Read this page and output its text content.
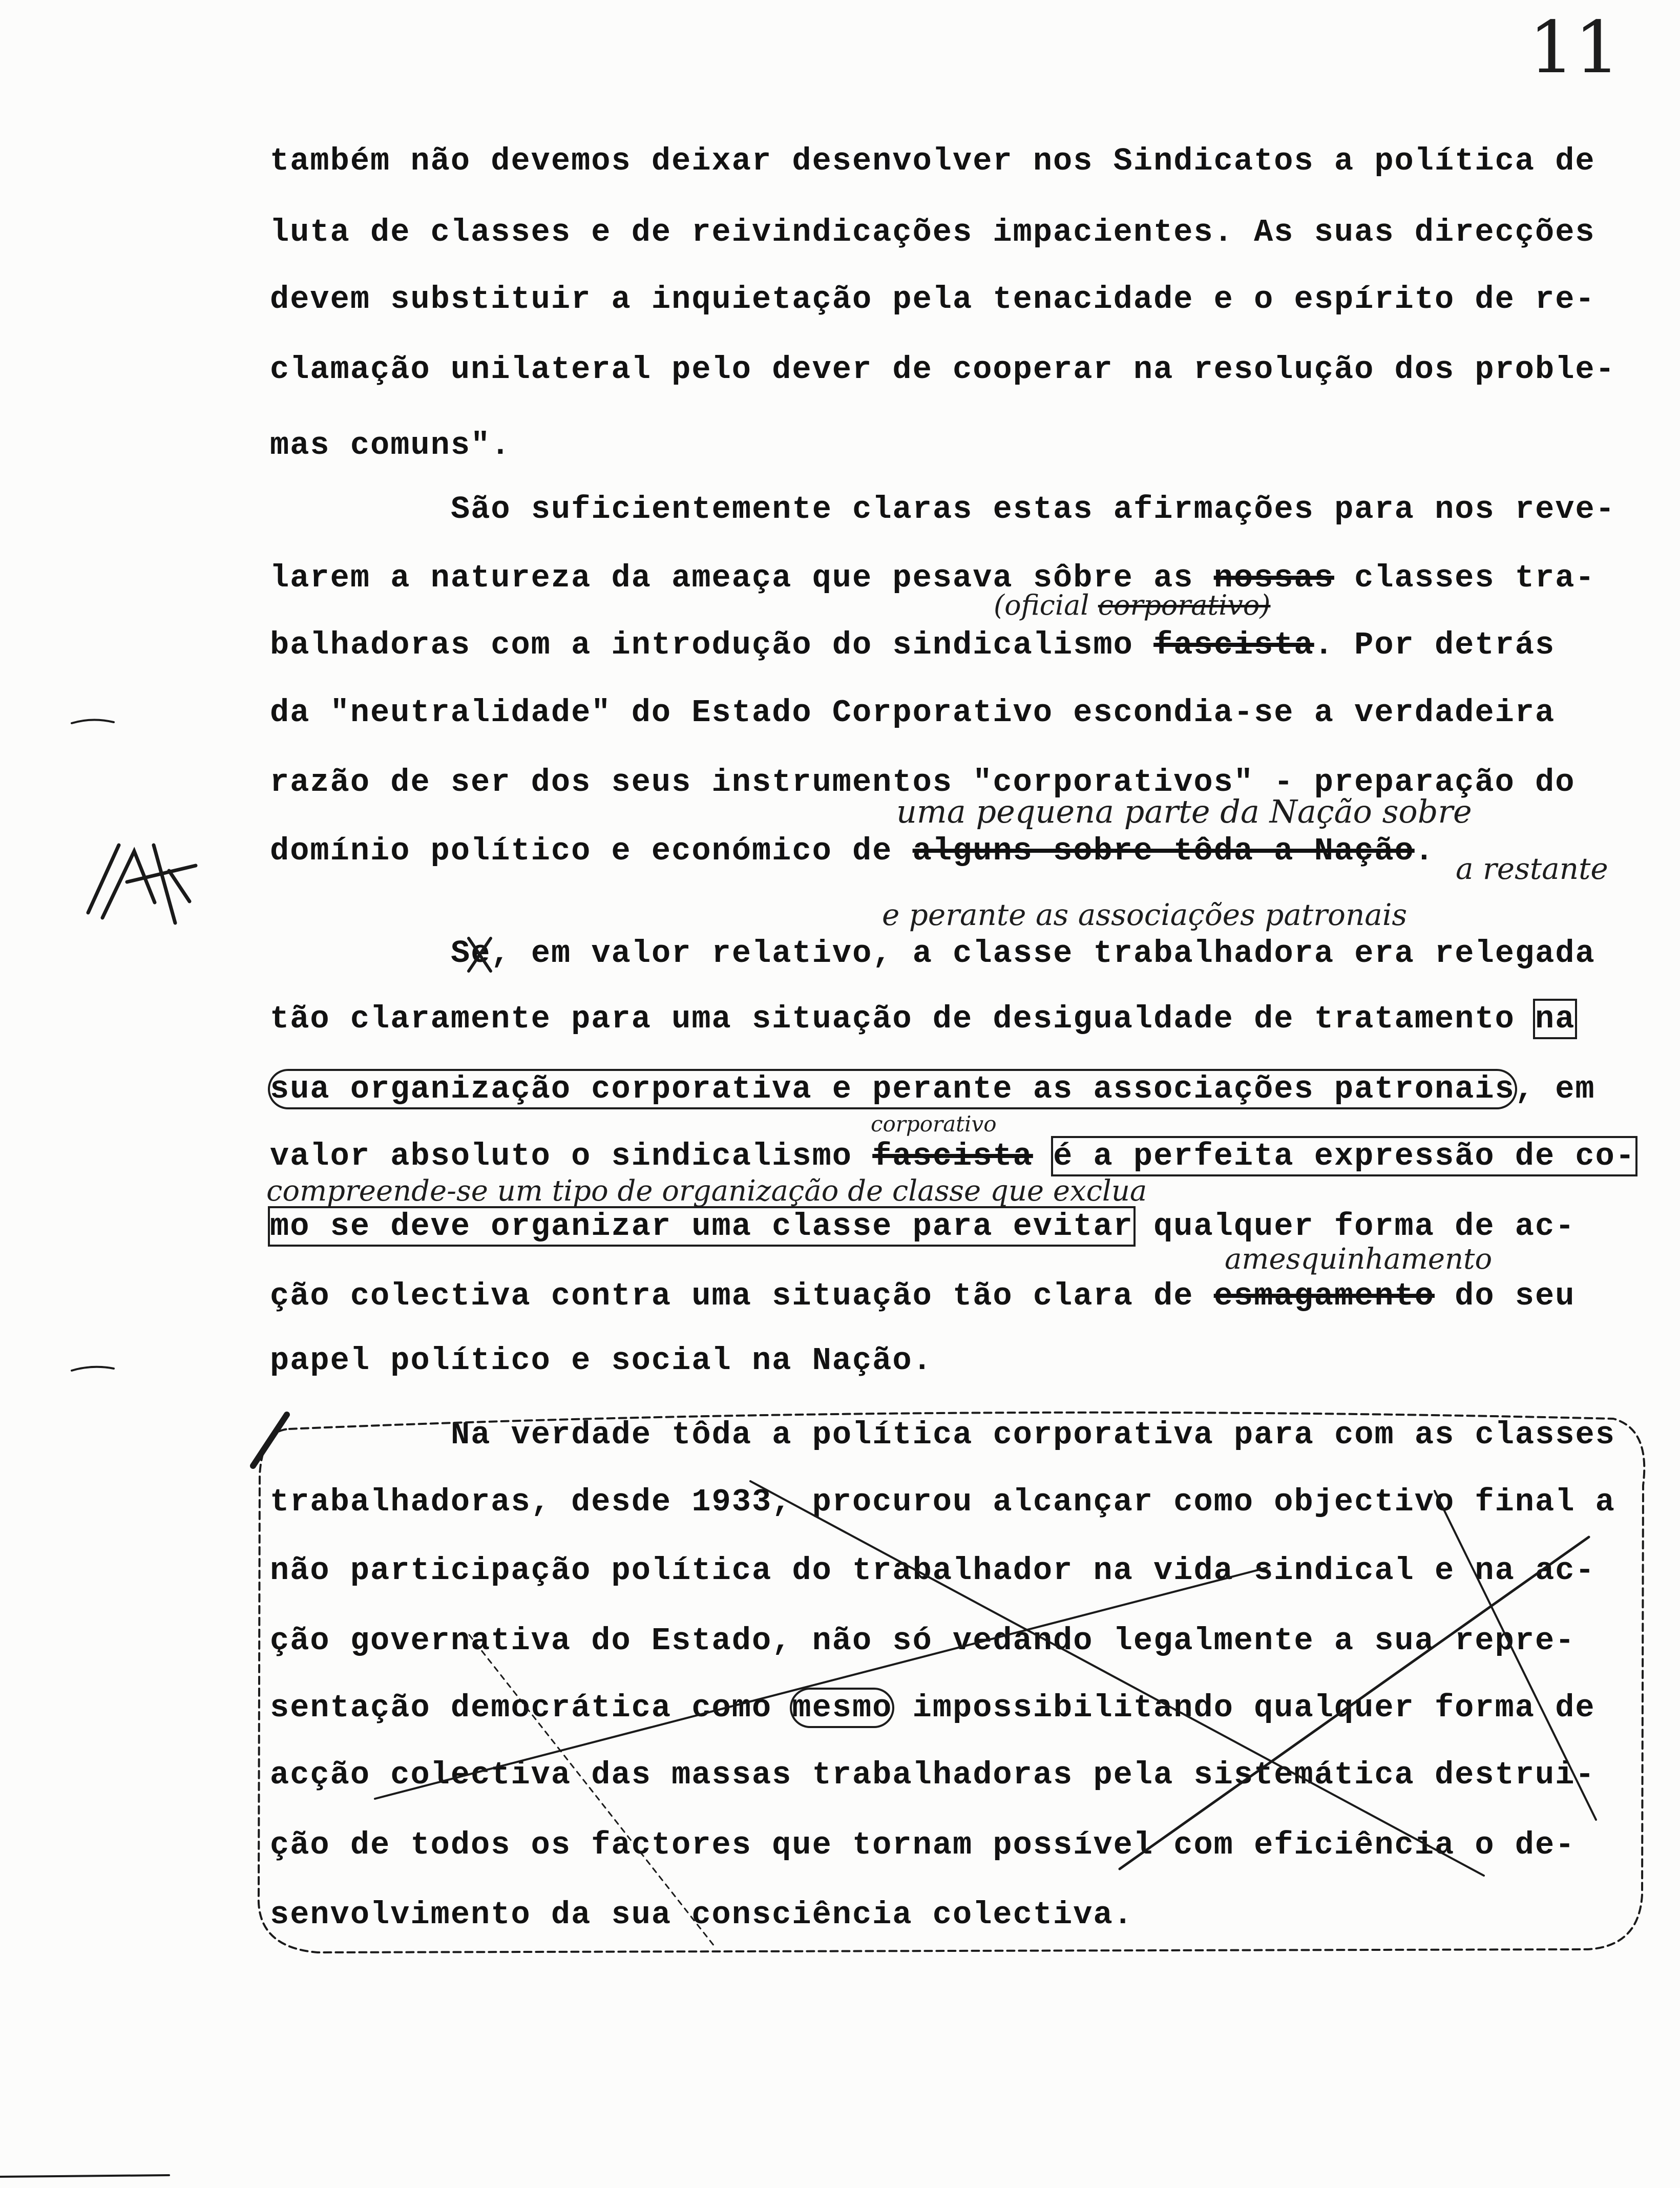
11
também não devemos deixar desenvolver nos Sindicatos a política de
luta de classes e de reivindicações impacientes. As suas direcções
devem substituir a inquietação pela tenacidade e o espírito de re-
clamação unilateral pelo dever de cooperar na resolução dos proble-
mas comuns".
São suficientemente claras estas afirmações para nos reve-
larem a natureza da ameaça que pesava sôbre as nossas classes tra-
balhadoras com a introdução do sindicalismo fascista. Por detrás
da "neutralidade" do Estado Corporativo escondia-se a verdadeira
razão de ser dos seus instrumentos "corporativos" - preparação do
domínio político e económico de alguns sobre tôda a Nação.
Se, em valor relativo, a classe trabalhadora era relegada
tão claramente para uma situação de desigualdade de tratamento na
sua organização corporativa e perante as associações patronais, em
valor absoluto o sindicalismo fascista é a perfeita expressão de co-
mo se deve organizar uma classe para evitar qualquer forma de ac-
ção colectiva contra uma situação tão clara de esmagamento do seu
papel político e social na Nação.
Na verdade tôda a política corporativa para com as classes
trabalhadoras, desde 1933, procurou alcançar como objectivo final a
não participação política do trabalhador na vida sindical e na ac-
ção governativa do Estado, não só vedando legalmente a sua repre-
sentação democrática como mesmo impossibilitando qualquer forma de
acção colectiva das massas trabalhadoras pela sistemática destrui-
ção de todos os factores que tornam possível com eficiência o de-
senvolvimento da sua consciência colectiva.
(oficial corporativo)
uma pequena parte da Nação sobre
a restante
e perante as associações patronais
corporativo
compreende-se um tipo de organização de classe que exclua
amesquinhamento
